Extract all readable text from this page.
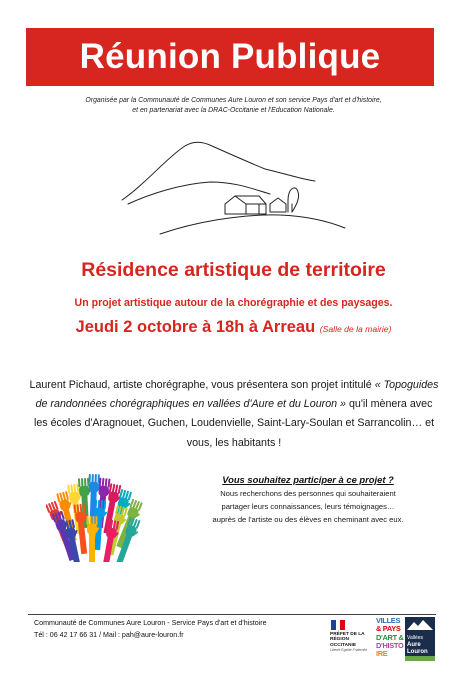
Réunion Publique
Organisée par la Communauté de Communes Aure Louron et son service Pays d'art et d'histoire,
et en partenariat avec la DRAC-Occitanie et l'Education Nationale.
Résidence artistique de territoire
Un projet artistique autour de la chorégraphie et des paysages.
Jeudi 2 octobre à 18h à Arreau (Salle de la mairie)

Laurent Pichaud, artiste chorégraphe, vous présentera son projet intitulé « Topoguides de randonnées chorégraphiques en vallées d'Aure et du Louron » qu'il mènera avec les écoles d'Aragnouet, Guchen, Loudenvielle, Saint-Lary-Soulan et Sarrancolin… et vous, les habitants !

Vous souhaitez participer à ce projet ?
Nous recherchons des personnes qui souhaiteraient
partager leurs connaissances, leurs témoignages…
auprès de l'artiste ou des élèves en cheminant avec eux.
Communauté de Communes Aure Louron - Service Pays d'art et d'histoire
Tél : 06 42 17 66 31 / Mail : pah@aure-louron.fr	PRÉFET DE LA RÉGION OCCITANIE
Liberté Égalité Fraternité
VILLES
& PAYS
D'ART &
D'HISTO
IRE
Vallées
Aure
Louron
